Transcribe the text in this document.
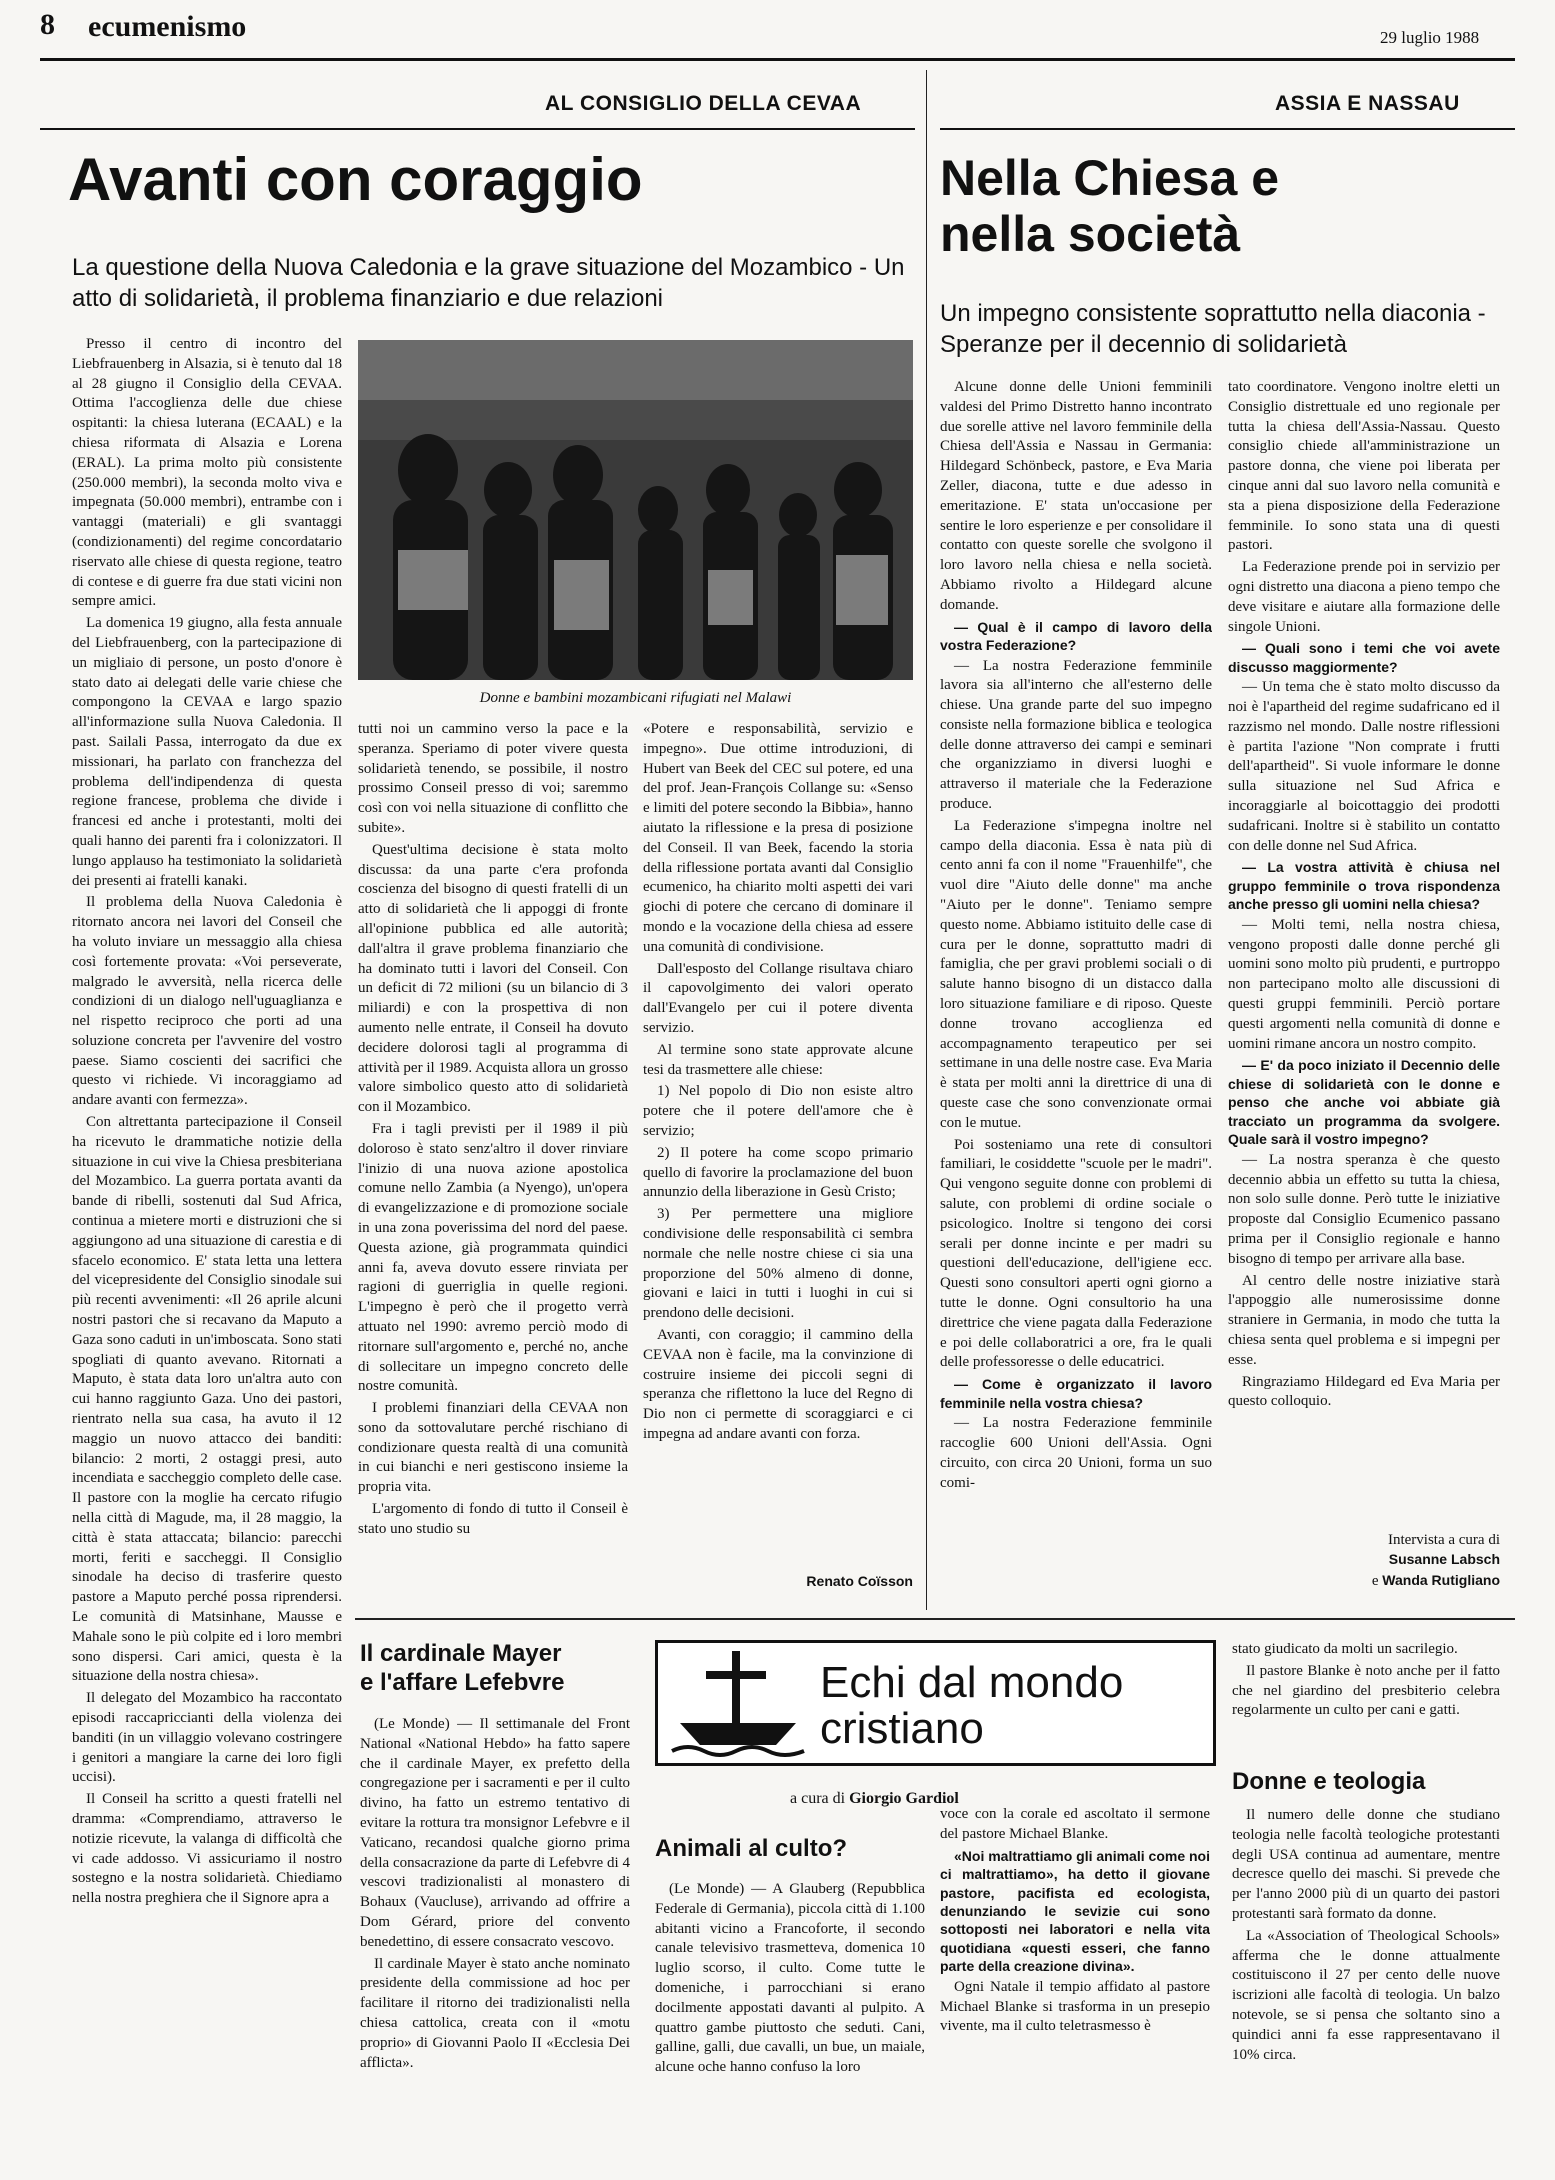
8 ecumenismo	29 luglio 1988
AL CONSIGLIO DELLA CEVAA
Avanti con coraggio
La questione della Nuova Caledonia e la grave situazione del Mozambico - Un atto di solidarietà, il problema finanziario e due relazioni

Presso il centro di incontro del Liebfrauenberg in Alsazia, si è tenuto dal 18 al 28 giugno il Consiglio della CEVAA. Ottima l'accoglienza delle due chiese ospitanti: la chiesa luterana (ECAAL) e la chiesa riformata di Alsazia e Lorena (ERAL). La prima molto più consistente (250.000 membri), la seconda molto viva e impegnata (50.000 membri), entrambe con i vantaggi (materiali) e gli svantaggi (condizionamenti) del regime concordatario riservato alle chiese di questa regione, teatro di contese e di guerre fra due stati vicini non sempre amici.

La domenica 19 giugno, alla festa annuale del Liebfrauenberg, con la partecipazione di un migliaio di persone, un posto d'onore è stato dato ai delegati delle varie chiese che compongono la CEVAA e largo spazio all'informazione sulla Nuova Caledonia. Il past. Sailali Passa, interrogato da due ex missionari, ha parlato con franchezza del problema dell'indipendenza di questa regione francese, problema che divide i francesi ed anche i protestanti, molti dei quali hanno dei parenti fra i colonizzatori. Il lungo applauso ha testimoniato la solidarietà dei presenti ai fratelli kanaki.

Il problema della Nuova Caledonia è ritornato ancora nei lavori del Conseil che ha voluto inviare un messaggio alla chiesa così fortemente provata: «Voi perseverate, malgrado le avversità, nella ricerca delle condizioni di un dialogo nell'uguaglianza e nel rispetto reciproco che porti ad una soluzione concreta per l'avvenire del vostro paese. Siamo coscienti dei sacrifici che questo vi richiede. Vi incoraggiamo ad andare avanti con fermezza».

Con altrettanta partecipazione il Conseil ha ricevuto le drammatiche notizie della situazione in cui vive la Chiesa presbiteriana del Mozambico. La guerra portata avanti da bande di ribelli, sostenuti dal Sud Africa, continua a mietere morti e distruzioni che si aggiungono ad una situazione di carestia e di sfacelo economico. E' stata letta una lettera del vicepresidente del Consiglio sinodale sui più recenti avvenimenti: «Il 26 aprile alcuni nostri pastori che si recavano da Maputo a Gaza sono caduti in un'imboscata. Sono stati spogliati di quanto avevano. Ritornati a Maputo, è stata data loro un'altra auto con cui hanno raggiunto Gaza. Uno dei pastori, rientrato nella sua casa, ha avuto il 12 maggio un nuovo attacco dei banditi: bilancio: 2 morti, 2 ostaggi presi, auto incendiata e saccheggio completo delle case. Il pastore con la moglie ha cercato rifugio nella città di Magude, ma, il 28 maggio, la città è stata attaccata; bilancio: parecchi morti, feriti e saccheggi. Il Consiglio sinodale ha deciso di trasferire questo pastore a Maputo perché possa riprendersi. Le comunità di Matsinhane, Mausse e Mahale sono le più colpite ed i loro membri sono dispersi. Cari amici, questa è la situazione della nostra chiesa».

Il delegato del Mozambico ha raccontato episodi raccapriccianti della violenza dei banditi (in un villaggio volevano costringere i genitori a mangiare la carne dei loro figli uccisi).

Il Conseil ha scritto a questi fratelli nel dramma: «Comprendiamo, attraverso le notizie ricevute, la valanga di difficoltà che vi cade addosso. Vi assicuriamo il nostro sostegno e la nostra solidarietà. Chiediamo nella nostra preghiera che il Signore apra a

Donne e bambini mozambicani rifugiati nel Malawi

tutti noi un cammino verso la pace e la speranza. Speriamo di poter vivere questa solidarietà tenendo, se possibile, il nostro prossimo Conseil presso di voi; saremmo così con voi nella situazione di conflitto che subite».

Quest'ultima decisione è stata molto discussa: da una parte c'era profonda coscienza del bisogno di questi fratelli di un atto di solidarietà che li appoggi di fronte all'opinione pubblica ed alle autorità; dall'altra il grave problema finanziario che ha dominato tutti i lavori del Conseil. Con un deficit di 72 milioni (su un bilancio di 3 miliardi) e con la prospettiva di non aumento nelle entrate, il Conseil ha dovuto decidere dolorosi tagli al programma di attività per il 1989. Acquista allora un grosso valore simbolico questo atto di solidarietà con il Mozambico.

Fra i tagli previsti per il 1989 il più doloroso è stato senz'altro il dover rinviare l'inizio di una nuova azione apostolica comune nello Zambia (a Nyengo), un'opera di evangelizzazione e di promozione sociale in una zona poverissima del nord del paese. Questa azione, già programmata quindici anni fa, aveva dovuto essere rinviata per ragioni di guerriglia in quelle regioni. L'impegno è però che il progetto verrà attuato nel 1990: avremo perciò modo di ritornare sull'argomento e, perché no, anche di sollecitare un impegno concreto delle nostre comunità.

I problemi finanziari della CEVAA non sono da sottovalutare perché rischiano di condizionare questa realtà di una comunità in cui bianchi e neri gestiscono insieme la propria vita.

L'argomento di fondo di tutto il Conseil è stato uno studio su

«Potere e responsabilità, servizio e impegno». Due ottime introduzioni, di Hubert van Beek del CEC sul potere, ed una del prof. Jean-François Collange su: «Senso e limiti del potere secondo la Bibbia», hanno aiutato la riflessione e la presa di posizione del Conseil. Il van Beek, facendo la storia della riflessione portata avanti dal Consiglio ecumenico, ha chiarito molti aspetti dei vari giochi di potere che cercano di dominare il mondo e la vocazione della chiesa ad essere una comunità di condivisione.

Dall'esposto del Collange risultava chiaro il capovolgimento dei valori operato dall'Evangelo per cui il potere diventa servizio.

Al termine sono state approvate alcune tesi da trasmettere alle chiese:

1) Nel popolo di Dio non esiste altro potere che il potere dell'amore che è servizio;

2) Il potere ha come scopo primario quello di favorire la proclamazione del buon annunzio della liberazione in Gesù Cristo;

3) Per permettere una migliore condivisione delle responsabilità ci sembra normale che nelle nostre chiese ci sia una proporzione del 50% almeno di donne, giovani e laici in tutti i luoghi in cui si prendono delle decisioni.

Avanti, con coraggio; il cammino della CEVAA non è facile, ma la convinzione di costruire insieme dei piccoli segni di speranza che riflettono la luce del Regno di Dio non ci permette di scoraggiarci e ci impegna ad andare avanti con forza.

Renato Coïsson
ASSIA E NASSAU
Nella Chiesa e
nella società
Un impegno consistente soprattutto nella diaconia - Speranze per il decennio di solidarietà

Alcune donne delle Unioni femminili valdesi del Primo Distretto hanno incontrato due sorelle attive nel lavoro femminile della Chiesa dell'Assia e Nassau in Germania: Hildegard Schönbeck, pastore, e Eva Maria Zeller, diacona, tutte e due adesso in emeritazione. E' stata un'occasione per sentire le loro esperienze e per consolidare il contatto con queste sorelle che svolgono il loro lavoro nella chiesa e nella società. Abbiamo rivolto a Hildegard alcune domande.

— Qual è il campo di lavoro della vostra Federazione?

— La nostra Federazione femminile lavora sia all'interno che all'esterno delle chiese. Una grande parte del suo impegno consiste nella formazione biblica e teologica delle donne attraverso dei campi e seminari che organizziamo in diversi luoghi e attraverso il materiale che la Federazione produce.

La Federazione s'impegna inoltre nel campo della diaconia. Essa è nata più di cento anni fa con il nome "Frauenhilfe", che vuol dire "Aiuto delle donne" ma anche "Aiuto per le donne". Teniamo sempre questo nome. Abbiamo istituito delle case di cura per le donne, soprattutto madri di famiglia, che per gravi problemi sociali o di salute hanno bisogno di un distacco dalla loro situazione familiare e di riposo. Queste donne trovano accoglienza ed accompagnamento terapeutico per sei settimane in una delle nostre case. Eva Maria è stata per molti anni la direttrice di una di queste case che sono convenzionate ormai con le mutue.

Poi sosteniamo una rete di consultori familiari, le cosiddette "scuole per le madri". Qui vengono seguite donne con problemi di salute, con problemi di ordine sociale o psicologico. Inoltre si tengono dei corsi serali per donne incinte e per madri su questioni dell'educazione, dell'igiene ecc. Questi sono consultori aperti ogni giorno a tutte le donne. Ogni consultorio ha una direttrice che viene pagata dalla Federazione e poi delle collaboratrici a ore, fra le quali delle professoresse o delle educatrici.

— Come è organizzato il lavoro femminile nella vostra chiesa?

— La nostra Federazione femminile raccoglie 600 Unioni dell'Assia. Ogni circuito, con circa 20 Unioni, forma un suo comi-

tato coordinatore. Vengono inoltre eletti un Consiglio distrettuale ed uno regionale per tutta la chiesa dell'Assia-Nassau. Questo consiglio chiede all'amministrazione un pastore donna, che viene poi liberata per cinque anni dal suo lavoro nella comunità e sta a piena disposizione della Federazione femminile. Io sono stata una di questi pastori.

La Federazione prende poi in servizio per ogni distretto una diacona a pieno tempo che deve visitare e aiutare alla formazione delle singole Unioni.

— Quali sono i temi che voi avete discusso maggiormente?

— Un tema che è stato molto discusso da noi è l'apartheid del regime sudafricano ed il razzismo nel mondo. Dalle nostre riflessioni è partita l'azione "Non comprate i frutti dell'apartheid". Si vuole informare le donne sulla situazione nel Sud Africa e incoraggiarle al boicottaggio dei prodotti sudafricani. Inoltre si è stabilito un contatto con delle donne nel Sud Africa.

— La vostra attività è chiusa nel gruppo femminile o trova rispondenza anche presso gli uomini nella chiesa?

— Molti temi, nella nostra chiesa, vengono proposti dalle donne perché gli uomini sono molto più prudenti, e purtroppo non partecipano molto alle discussioni di questi gruppi femminili. Perciò portare questi argomenti nella comunità di donne e uomini rimane ancora un nostro compito.

— E' da poco iniziato il Decennio delle chiese di solidarietà con le donne e penso che anche voi abbiate già tracciato un programma da svolgere. Quale sarà il vostro impegno?

— La nostra speranza è che questo decennio abbia un effetto su tutta la chiesa, non solo sulle donne. Però tutte le iniziative proposte dal Consiglio Ecumenico passano prima per il Consiglio regionale e hanno bisogno di tempo per arrivare alla base.

Al centro delle nostre iniziative starà l'appoggio alle numerosissime donne straniere in Germania, in modo che tutta la chiesa senta quel problema e si impegni per esse.

Ringraziamo Hildegard ed Eva Maria per questo colloquio.

Intervista a cura di
Susanne Labsch
e Wanda Rutigliano
Il cardinale Mayer
e l'affare Lefebvre

(Le Monde) — Il settimanale del Front National «National Hebdo» ha fatto sapere che il cardinale Mayer, ex prefetto della congregazione per i sacramenti e per il culto divino, ha fatto un estremo tentativo di evitare la rottura tra monsignor Lefebvre e il Vaticano, recandosi qualche giorno prima della consacrazione da parte di Lefebvre di 4 vescovi tradizionalisti al monastero di Bohaux (Vaucluse), arrivando ad offrire a Dom Gérard, priore del convento benedettino, di essere consacrato vescovo.

Il cardinale Mayer è stato anche nominato presidente della commissione ad hoc per facilitare il ritorno dei tradizionalisti nella chiesa cattolica, creata con il «motu proprio» di Giovanni Paolo II «Ecclesia Dei afflicta».

Echi dal mondo
cristiano
a cura di Giorgio Gardiol
Animali al culto?

(Le Monde) — A Glauberg (Repubblica Federale di Germania), piccola città di 1.100 abitanti vicino a Francoforte, il secondo canale televisivo trasmetteva, domenica 10 luglio scorso, il culto. Come tutte le domeniche, i parrocchiani si erano docilmente appostati davanti al pulpito. A quattro gambe piuttosto che seduti. Cani, galline, galli, due cavalli, un bue, un maiale, alcune oche hanno confuso la loro

voce con la corale ed ascoltato il sermone del pastore Michael Blanke.

«Noi maltrattiamo gli animali come noi ci maltrattiamo», ha detto il giovane pastore, pacifista ed ecologista, denunziando le sevizie cui sono sottoposti nei laboratori e nella vita quotidiana «questi esseri, che fanno parte della creazione divina».

Ogni Natale il tempio affidato al pastore Michael Blanke si trasforma in un presepio vivente, ma il culto teletrasmesso è

stato giudicato da molti un sacrilegio.

Il pastore Blanke è noto anche per il fatto che nel giardino del presbiterio celebra regolarmente un culto per cani e gatti.

Donne e teologia

Il numero delle donne che studiano teologia nelle facoltà teologiche protestanti degli USA continua ad aumentare, mentre decresce quello dei maschi. Si prevede che per l'anno 2000 più di un quarto dei pastori protestanti sarà formato da donne.

La «Association of Theological Schools» afferma che le donne attualmente costituiscono il 27 per cento delle nuove iscrizioni alle facoltà di teologia. Un balzo notevole, se si pensa che soltanto sino a quindici anni fa esse rappresentavano il 10% circa.
